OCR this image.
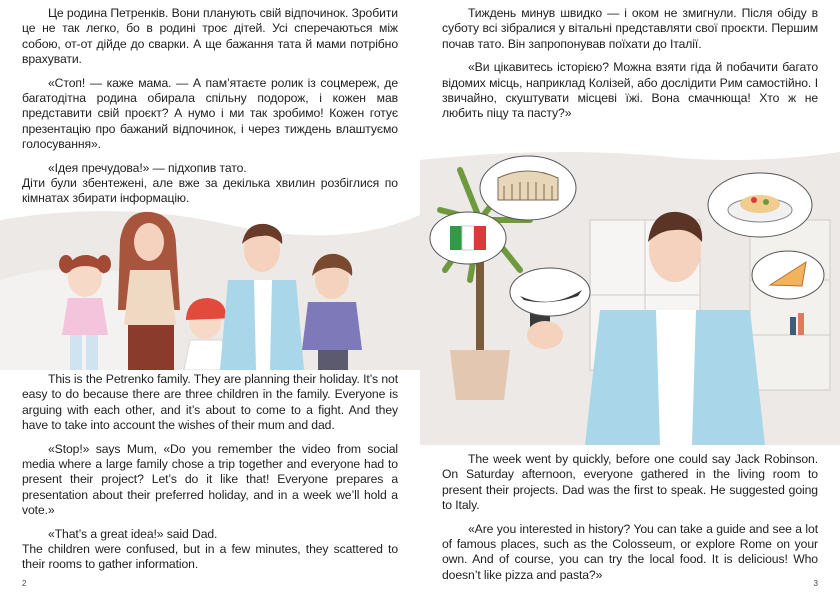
Це родина Петренків. Вони планують свій відпочинок. Зробити це не так легко, бо в родині троє дітей. Усі сперечаються між собою, от-от дійде до сварки. А ще бажання тата й мами потрібно врахувати.

«Стоп! — каже мама. — А пам’ятаєте ролик із соцмереж, де багатодітна родина обирала спільну подорож, і кожен мав представити свій проєкт? А нумо і ми так зробимо! Кожен готує презентацію про бажаний відпочинок, і через тиждень влаштуємо голосування».

«Ідея пречудова!» — підхопив тато.

Діти були збентежені, але вже за декілька хвилин розбіглися по кімнатах збирати інформацію.

This is the Petrenko family. They are planning their holiday. It’s not easy to do because there are three children in the family. Everyone is arguing with each other, and it’s about to come to a fight. And they have to take into account the wishes of their mum and dad.

«Stop!» says Mum, «Do you remember the video from social media where a large family chose a trip together and everyone had to present their project? Let’s do it like that! Everyone prepares a presentation about their preferred holiday, and in a week we’ll hold a vote.»

«That’s a great idea!» said Dad.

The children were confused, but in a few minutes, they scattered to their rooms to gather information.

2

Тиждень минув швидко — і оком не змигнули. Після обіду в суботу всі зібралися у вітальні представляти свої проєкти. Першим почав тато. Він запропонував поїхати до Італії.

«Ви цікавитесь історією? Можна взяти гіда й побачити багато відомих місць, наприклад Колізей, або дослідити Рим самостійно. І звичайно, скуштувати місцеві їжі. Вона смачнюща! Хто ж не любить піцу та пасту?»

The week went by quickly, before one could say Jack Robinson. On Saturday afternoon, everyone gathered in the living room to present their projects. Dad was the first to speak. He suggested going to Italy.

«Are you interested in history? You can take a guide and see a lot of famous places, such as the Colosseum, or explore Rome on your own. And of course, you can try the local food. It is delicious! Who doesn’t like pizza and pasta?»

3
